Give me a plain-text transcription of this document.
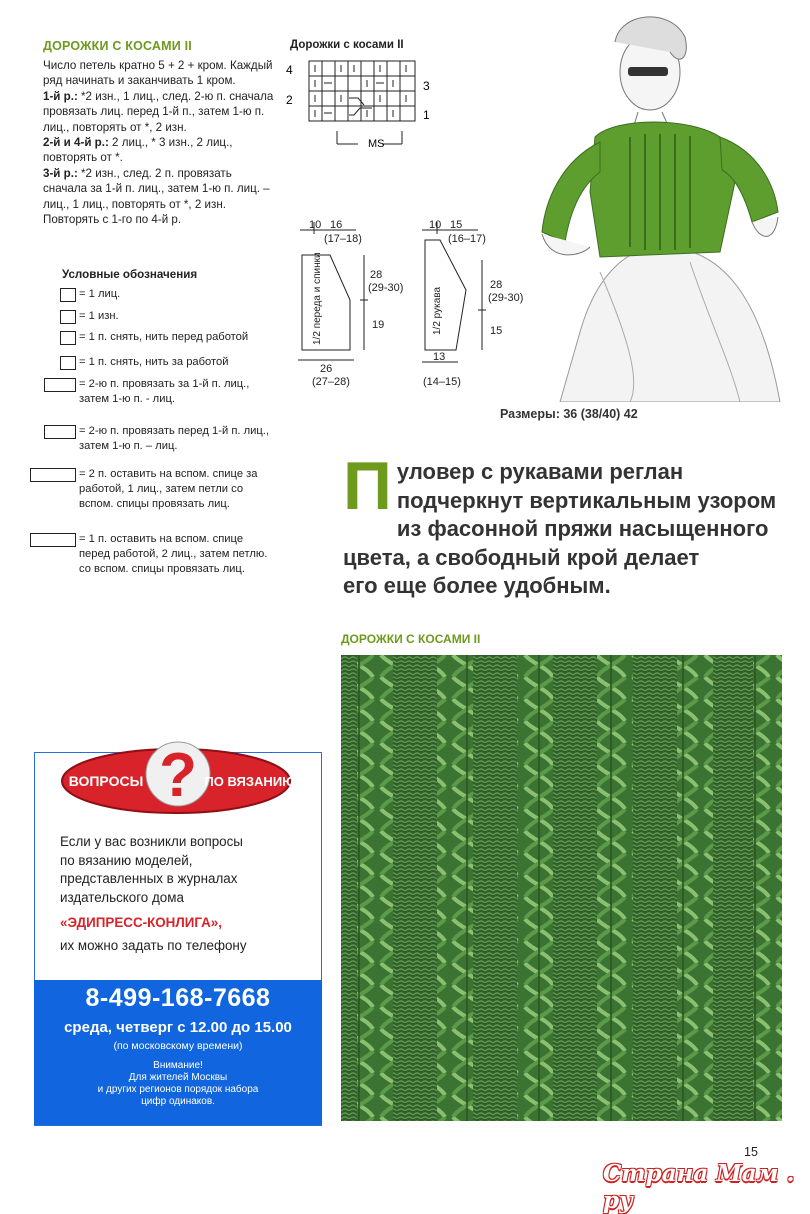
ДОРОЖКИ С КОСАМИ II

Число петель кратно 5 + 2 + кром. Каждый ряд начинать и заканчивать 1 кром.

1-й р.: *2 изн., 1 лиц., след. 2-ю п. сначала провязать лиц. перед 1-й п., затем 1-ю п. лиц., повторять от *, 2 изн.

2-й и 4-й р.: 2 лиц., * 3 изн., 2 лиц., повторять от *.

3-й р.: *2 изн., след. 2 п. провязать сначала за 1-й п. лиц., затем 1-ю п. лиц. – лиц., 1 лиц., повторять от *, 2 изн.

Повторять с 1-го по 4-й р.

Условные обозначения
= 1 лиц.
= 1 изн.
= 1 п. снять, нить перед работой
= 1 п. снять, нить за работой
= 2-ю п. провязать за 1-й п. лиц., затем 1-ю п. - лиц.
= 2-ю п. провязать перед 1-й п. лиц., затем 1-ю п. – лиц.
= 2 п. оставить на вспом. спице за работой, 1 лиц., затем петли со вспом. спицы провязать лиц.
= 1 п. оставить на вспом. спице перед работой, 2 лиц., затем петлю. со вспом. спицы провязать лиц.
Дорожки с косами II
MS
4
2
3
1
10 16
(17–18)
28
(29-30)
19
26
(27–28)
1/2 переда и спинки
10 15
(16–17)
28
(29-30)
15
13
(14–15)
1/2 рукава
Размеры: 36 (38/40) 42
П уловер с рукавами реглан
подчеркнут вертикальным узором
из фасонной пряжи насыщенного
цвета, а свободный крой делает
его еще более удобным.
ДОРОЖКИ С КОСАМИ II
?
ВОПРОСЫ	ПО ВЯЗАНИЮ
Если у вас возникли вопросы
по вязанию моделей,
представленных в журналах
издательского дома
«ЭДИПРЕСС-КОНЛИГА»,
их можно задать по телефону
8-499-168-7668
среда, четверг с 12.00 до 15.00
(по московскому времени)
Внимание!
Для жителей Москвы
и других регионов порядок набора
цифр одинаков.
15
Страна Мам . ру
